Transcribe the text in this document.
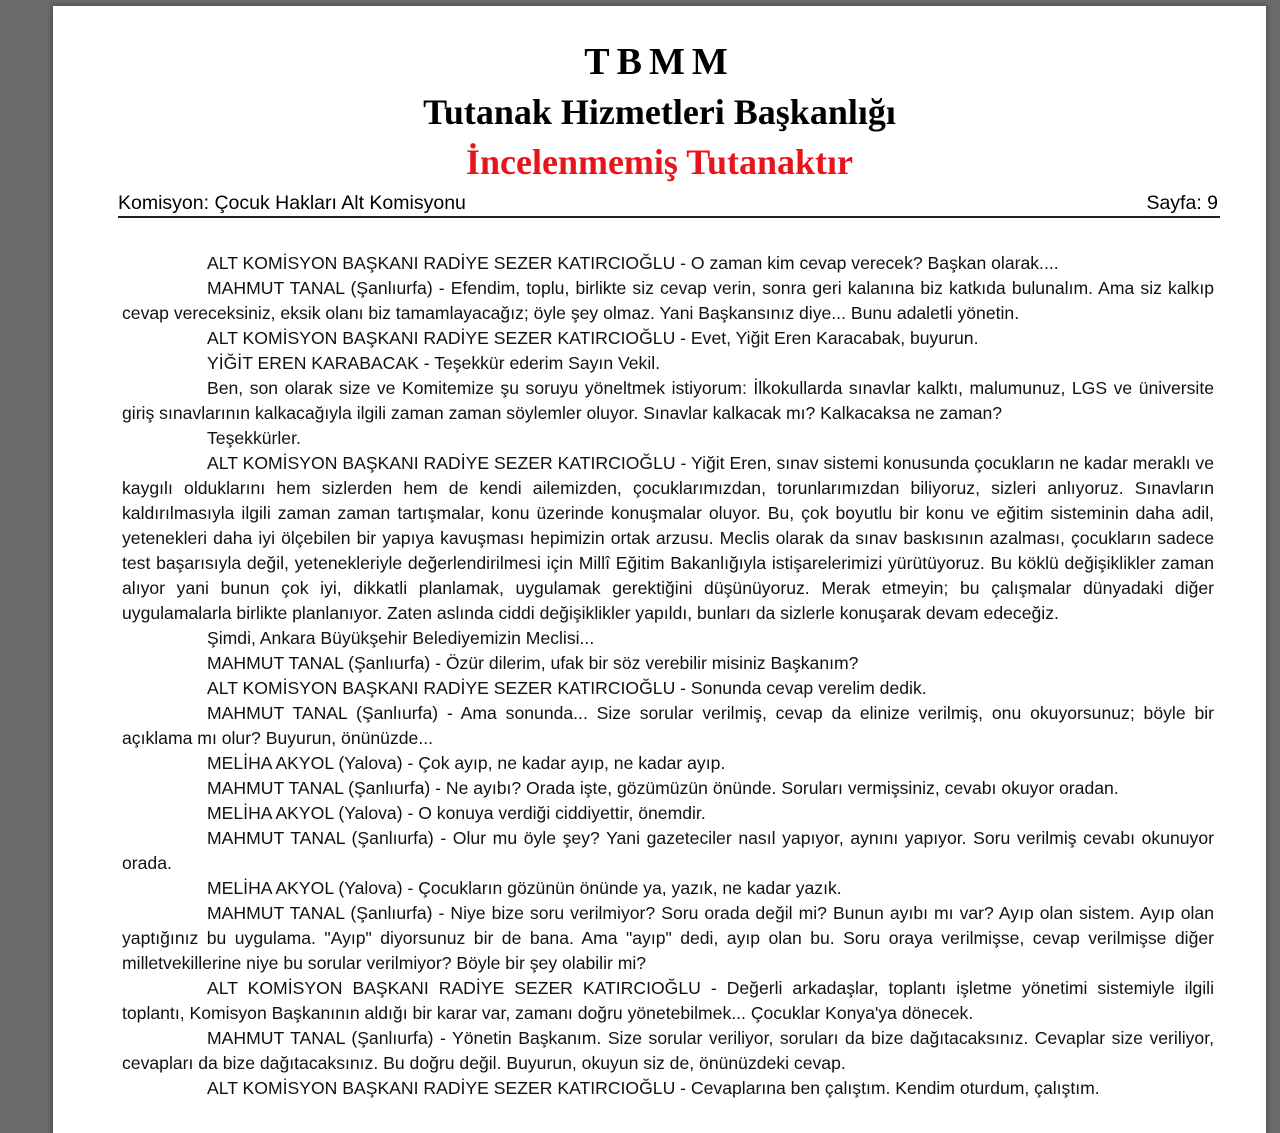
TBMM
Tutanak Hizmetleri Başkanlığı
İncelenmemiş Tutanaktır
Komisyon: Çocuk Hakları Alt Komisyonu	Sayfa: 9

ALT KOMİSYON BAŞKANI RADİYE SEZER KATIRCIOĞLU - O zaman kim cevap verecek? Başkan olarak....

MAHMUT TANAL (Şanlıurfa) - Efendim, toplu, birlikte siz cevap verin, sonra geri kalanına biz katkıda bulunalım. Ama siz kalkıp cevap vereceksiniz, eksik olanı biz tamamlayacağız; öyle şey olmaz. Yani Başkansınız diye... Bunu adaletli yönetin.

ALT KOMİSYON BAŞKANI RADİYE SEZER KATIRCIOĞLU - Evet, Yiğit Eren Karacabak, buyurun.

YİĞİT EREN KARABACAK - Teşekkür ederim Sayın Vekil.

Ben, son olarak size ve Komitemize şu soruyu yöneltmek istiyorum: İlkokullarda sınavlar kalktı, malumunuz, LGS ve üniversite giriş sınavlarının kalkacağıyla ilgili zaman zaman söylemler oluyor. Sınavlar kalkacak mı? Kalkacaksa ne zaman?

Teşekkürler.

ALT KOMİSYON BAŞKANI RADİYE SEZER KATIRCIOĞLU - Yiğit Eren, sınav sistemi konusunda çocukların ne kadar meraklı ve kaygılı olduklarını hem sizlerden hem de kendi ailemizden, çocuklarımızdan, torunlarımızdan biliyoruz, sizleri anlıyoruz. Sınavların kaldırılmasıyla ilgili zaman zaman tartışmalar, konu üzerinde konuşmalar oluyor. Bu, çok boyutlu bir konu ve eğitim sisteminin daha adil, yetenekleri daha iyi ölçebilen bir yapıya kavuşması hepimizin ortak arzusu. Meclis olarak da sınav baskısının azalması, çocukların sadece test başarısıyla değil, yetenekleriyle değerlendirilmesi için Millî Eğitim Bakanlığıyla istişarelerimizi yürütüyoruz. Bu köklü değişiklikler zaman alıyor yani bunun çok iyi, dikkatli planlamak, uygulamak gerektiğini düşünüyoruz. Merak etmeyin; bu çalışmalar dünyadaki diğer uygulamalarla birlikte planlanıyor. Zaten aslında ciddi değişiklikler yapıldı, bunları da sizlerle konuşarak devam edeceğiz.

Şimdi, Ankara Büyükşehir Belediyemizin Meclisi...

MAHMUT TANAL (Şanlıurfa) - Özür dilerim, ufak bir söz verebilir misiniz Başkanım?

ALT KOMİSYON BAŞKANI RADİYE SEZER KATIRCIOĞLU - Sonunda cevap verelim dedik.

MAHMUT TANAL (Şanlıurfa) - Ama sonunda... Size sorular verilmiş, cevap da elinize verilmiş, onu okuyorsunuz; böyle bir açıklama mı olur? Buyurun, önünüzde...

MELİHA AKYOL (Yalova) - Çok ayıp, ne kadar ayıp, ne kadar ayıp.

MAHMUT TANAL (Şanlıurfa) - Ne ayıbı? Orada işte, gözümüzün önünde. Soruları vermişsiniz, cevabı okuyor oradan.

MELİHA AKYOL (Yalova) - O konuya verdiği ciddiyettir, önemdir.

MAHMUT TANAL (Şanlıurfa) - Olur mu öyle şey? Yani gazeteciler nasıl yapıyor, aynını yapıyor. Soru verilmiş cevabı okunuyor orada.

MELİHA AKYOL (Yalova) - Çocukların gözünün önünde ya, yazık, ne kadar yazık.

MAHMUT TANAL (Şanlıurfa) - Niye bize soru verilmiyor? Soru orada değil mi? Bunun ayıbı mı var? Ayıp olan sistem. Ayıp olan yaptığınız bu uygulama. "Ayıp" diyorsunuz bir de bana. Ama "ayıp" dedi, ayıp olan bu. Soru oraya verilmişse, cevap verilmişse diğer milletvekillerine niye bu sorular verilmiyor? Böyle bir şey olabilir mi?

ALT KOMİSYON BAŞKANI RADİYE SEZER KATIRCIOĞLU - Değerli arkadaşlar, toplantı işletme yönetimi sistemiyle ilgili toplantı, Komisyon Başkanının aldığı bir karar var, zamanı doğru yönetebilmek... Çocuklar Konya'ya dönecek.

MAHMUT TANAL (Şanlıurfa) - Yönetin Başkanım. Size sorular veriliyor, soruları da bize dağıtacaksınız. Cevaplar size veriliyor, cevapları da bize dağıtacaksınız. Bu doğru değil. Buyurun, okuyun siz de, önünüzdeki cevap.

ALT KOMİSYON BAŞKANI RADİYE SEZER KATIRCIOĞLU - Cevaplarına ben çalıştım. Kendim oturdum, çalıştım.
